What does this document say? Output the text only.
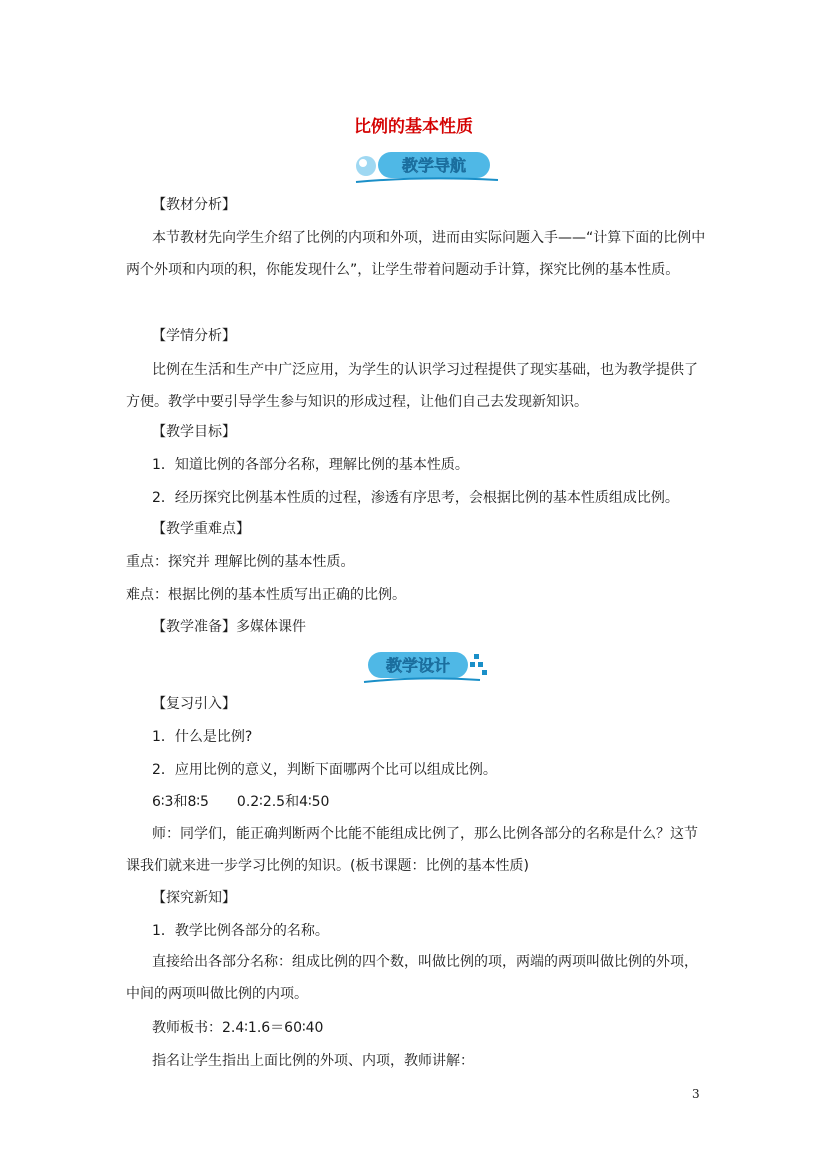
比例的基本性质
教学导航
【教材分析】
本节教材先向学生介绍了比例的内项和外项，进而由实际问题入手——“计算下面的比例中两个外项和内项的积，你能发现什么”，让学生带着问题动手计算，探究比例的基本性质。
【学情分析】
比例在生活和生产中广泛应用，为学生的认识学习过程提供了现实基础，也为教学提供了方便。教学中要引导学生参与知识的形成过程，让他们自己去发现新知识。
【教学目标】
1．知道比例的各部分名称，理解比例的基本性质。
2．经历探究比例基本性质的过程，渗透有序思考，会根据比例的基本性质组成比例。
【教学重难点】
重点：探究并 理解比例的基本性质。
难点：根据比例的基本性质写出正确的比例。
【教学准备】多媒体课件
教学设计
【复习引入】
1．什么是比例?
2．应用比例的意义，判断下面哪两个比可以组成比例。
6∶3和8∶5　　0.2∶2.5和4∶50
师：同学们，能正确判断两个比能不能组成比例了，那么比例各部分的名称是什么？这节课我们就来进一步学习比例的知识。(板书课题：比例的基本性质)
【探究新知】
1．教学比例各部分的名称。
直接给出各部分名称：组成比例的四个数，叫做比例的项，两端的两项叫做比例的外项，中间的两项叫做比例的内项。
教师板书：2.4∶1.6＝60∶40
指名让学生指出上面比例的外项、内项，教师讲解：
3
